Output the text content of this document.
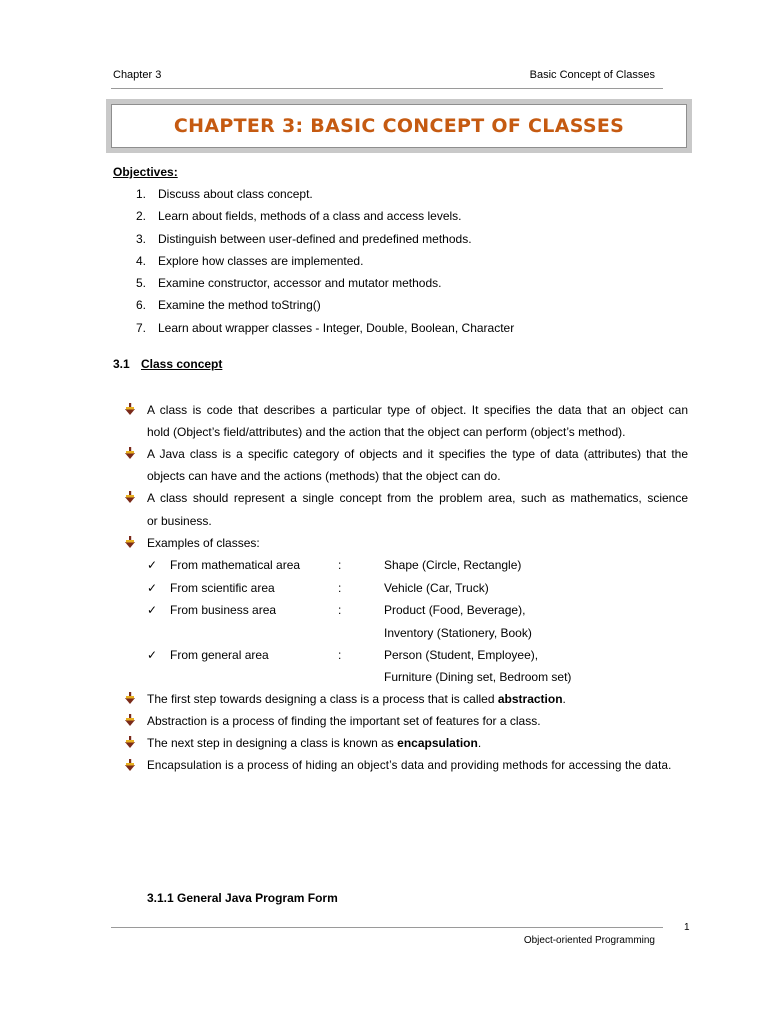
Chapter 3	Basic Concept of Classes
CHAPTER 3: BASIC CONCEPT OF CLASSES
Objectives:
1. Discuss about class concept.
2. Learn about fields, methods of a class and access levels.
3. Distinguish between user-defined and predefined methods.
4. Explore how classes are implemented.
5. Examine constructor, accessor and mutator methods.
6. Examine the method toString()
7. Learn about wrapper classes - Integer, Double, Boolean, Character
3.1 Class concept
A class is code that describes a particular type of object. It specifies the data that an object can
hold (Object’s field/attributes) and the action that the object can perform (object’s method).
A Java class is a specific category of objects and it specifies the type of data (attributes) that the
objects can have and the actions (methods) that the object can do.
A class should represent a single concept from the problem area, such as mathematics, science
or business.
Examples of classes:
✓ From mathematical area	:	Shape (Circle, Rectangle)
✓ From scientific area	:	Vehicle (Car, Truck)
✓ From business area	:	Product (Food, Beverage),
Inventory (Stationery, Book)
✓ From general area	:	Person (Student, Employee),
Furniture (Dining set, Bedroom set)
The first step towards designing a class is a process that is called abstraction.
Abstraction is a process of finding the important set of features for a class.
The next step in designing a class is known as encapsulation.
Encapsulation is a process of hiding an object’s data and providing methods for accessing the data.
3.1.1 General Java Program Form
1
Object-oriented Programming
